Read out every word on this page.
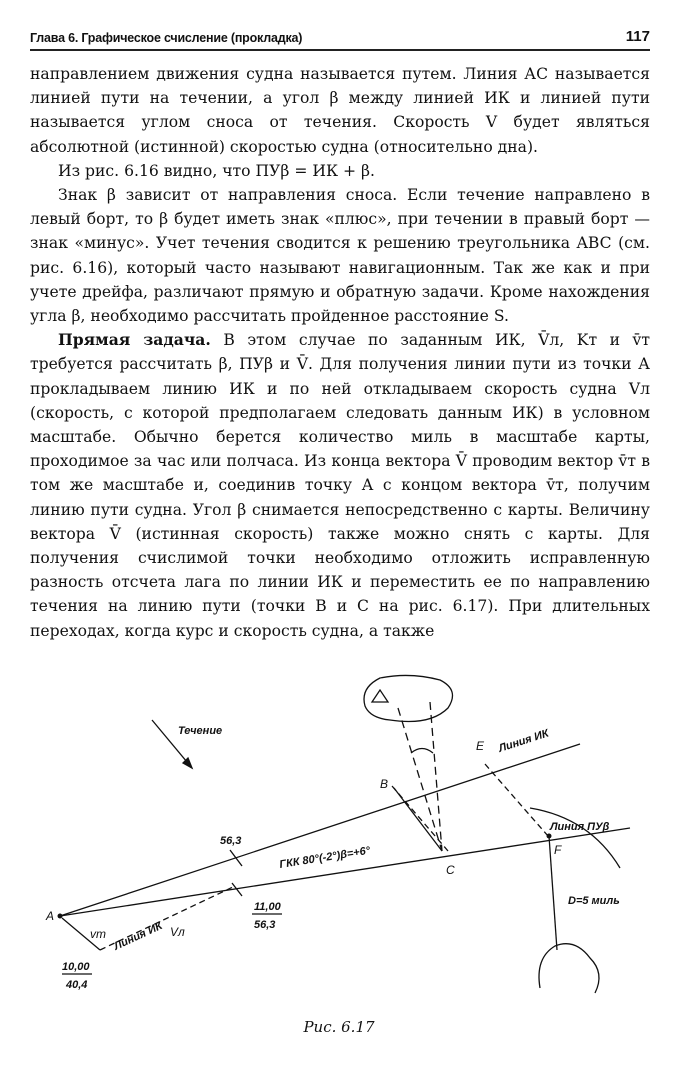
Глава 6. Графическое счисление (прокладка)	117

направлением движения судна называется путем. Линия АС называется линией пути на течении, а угол β между линией ИК и линией пути называется углом сноса от течения. Скорость V будет являться абсолютной (истинной) скоростью судна (относительно дна).

Из рис. 6.16 видно, что ПУβ = ИК + β.

Знак β зависит от направления сноса. Если течение направлено в левый борт, то β будет иметь знак «плюс», при течении в правый борт — знак «минус». Учет течения сводится к решению треугольника ABC (см. рис. 6.16), который часто называют навигационным. Так же как и при учете дрейфа, различают прямую и обратную задачи. Кроме нахождения угла β, необходимо рассчитать пройденное расстояние S.

Прямая задача. В этом случае по заданным ИК, V̄л, Kт и v̄т требуется рассчитать β, ПУβ и V̄. Для получения линии пути из точки А прокладываем линию ИК и по ней откладываем скорость судна Vл (скорость, с которой предполагаем следовать данным ИК) в условном масштабе. Обычно берется количество миль в масштабе карты, проходимое за час или полчаса. Из конца вектора V̄ проводим вектор v̄т в том же масштабе и, соединив точку А с концом вектора v̄т, получим линию пути судна. Угол β снимается непосредственно с карты. Величину вектора V̄ (истинная скорость) также можно снять с карты. Для получения счислимой точки необходимо отложить исправленную разность отсчета лага по линии ИК и переместить ее по направлению течения на линию пути (точки В и С на рис. 6.17). При длительных переходах, когда курс и скорость судна, а также

Течение	Линия ИК
Линия ПУβ
ГКК 80°(-2°)β=+6°
Линия ИК
A
B
C
E
F
vт	Vл
56,3
11,00
56,3
10,00
40,4
D=5 миль
Рис. 6.17
